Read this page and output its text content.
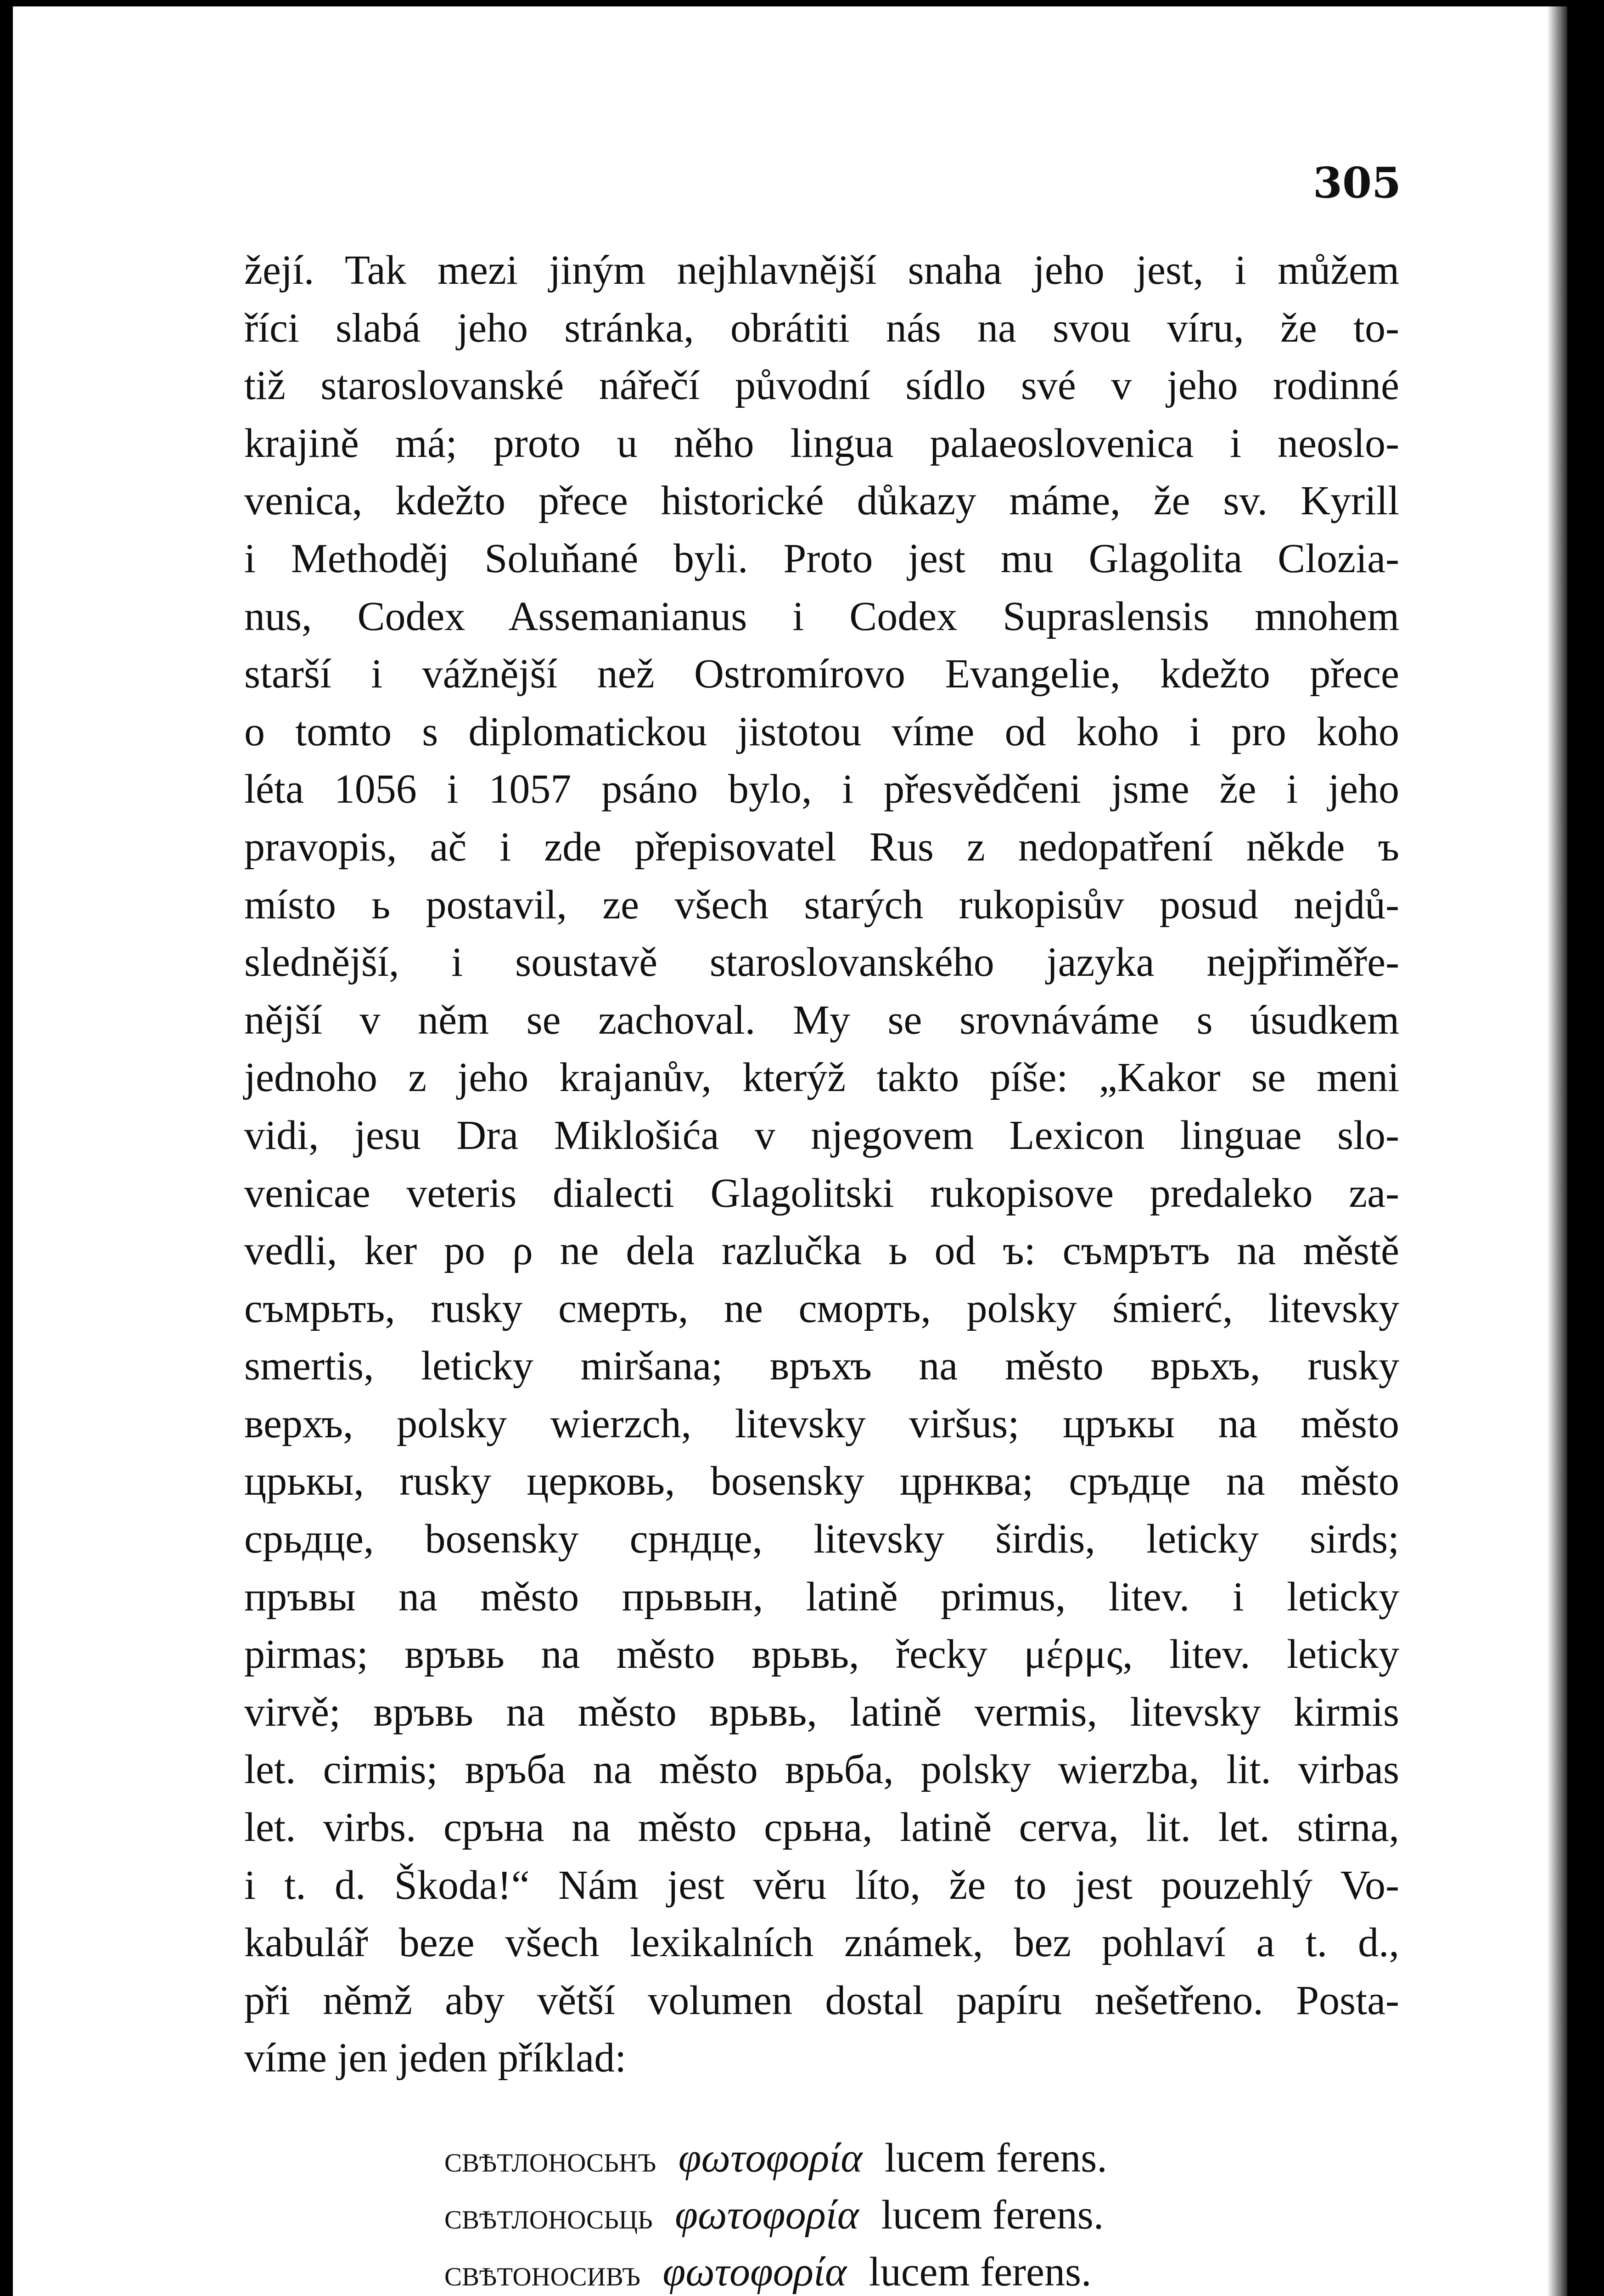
305
žejí. Tak mezi jiným nejhlavnější snaha jeho jest, i můžem
říci slabá jeho stránka, obrátiti nás na svou víru, že to-
tiž staroslovanské nářečí původní sídlo své v jeho rodinné
krajině má; proto u něho lingua palaeoslovenica i neoslo-
venica, kdežto přece historické důkazy máme, že sv. Kyrill
i Methoděj Soluňané byli. Proto jest mu Glagolita Clozia-
nus, Codex Assemanianus i Codex Supraslensis mnohem
starší i vážnější než Ostromírovo Evangelie, kdežto přece
o tomto s diplomatickou jistotou víme od koho i pro koho
léta 1056 i 1057 psáno bylo, i přesvědčeni jsme že i jeho
pravopis, ač i zde přepisovatel Rus z nedopatření někde ъ
místo ь postavil, ze všech starých rukopisův posud nejdů-
slednější, i soustavě staroslovanského jazyka nejpřiměře-
nější v něm se zachoval. My se srovnáváme s úsudkem
jednoho z jeho krajanův, kterýž takto píše: „Kakor se meni
vidi, jesu Dra Miklošića v njegovem Lexicon linguae slo-
venicae veteris dialecti Glagolitski rukopisove predaleko za-
vedli, ker po ρ ne dela razlučka ь od ъ: съмрътъ na městě
съмрьть, rusky смерть, ne сморть, polsky śmierć, litevsky
smertis, leticky miršana; връхъ na město врьхъ, rusky
верхъ, polsky wierzch, litevsky viršus; цръкы na město
црькы, rusky церковь, bosensky црнква; сръдце na město
срьдце, bosensky срндце, litevsky širdis, leticky sirds;
пръвы na město прьвын, latině primus, litev. i leticky
pirmas; връвь na město врьвь, řecky μέρμς, litev. leticky
virvě; връвь na město врьвь, latině vermis, litevsky kirmis
let. cirmis; връба na město врьба, polsky wierzba, lit. virbas
let. virbs. сръна na město срьна, latině cerva, lit. let. stirna,
i t. d. Škoda!“ Nám jest věru líto, že to jest pouzehlý Vo-
kabulář beze všech lexikalních známek, bez pohlaví a t. d.,
při němž aby větší volumen dostal papíru nešetřeno. Posta-
víme jen jeden příklad:
свѣтлоносьнъ φωτοφορία lucem ferens.
свѣтлоносьць φωτοφορία lucem ferens.
свѣтоносивъ φωτοφορία lucem ferens.
